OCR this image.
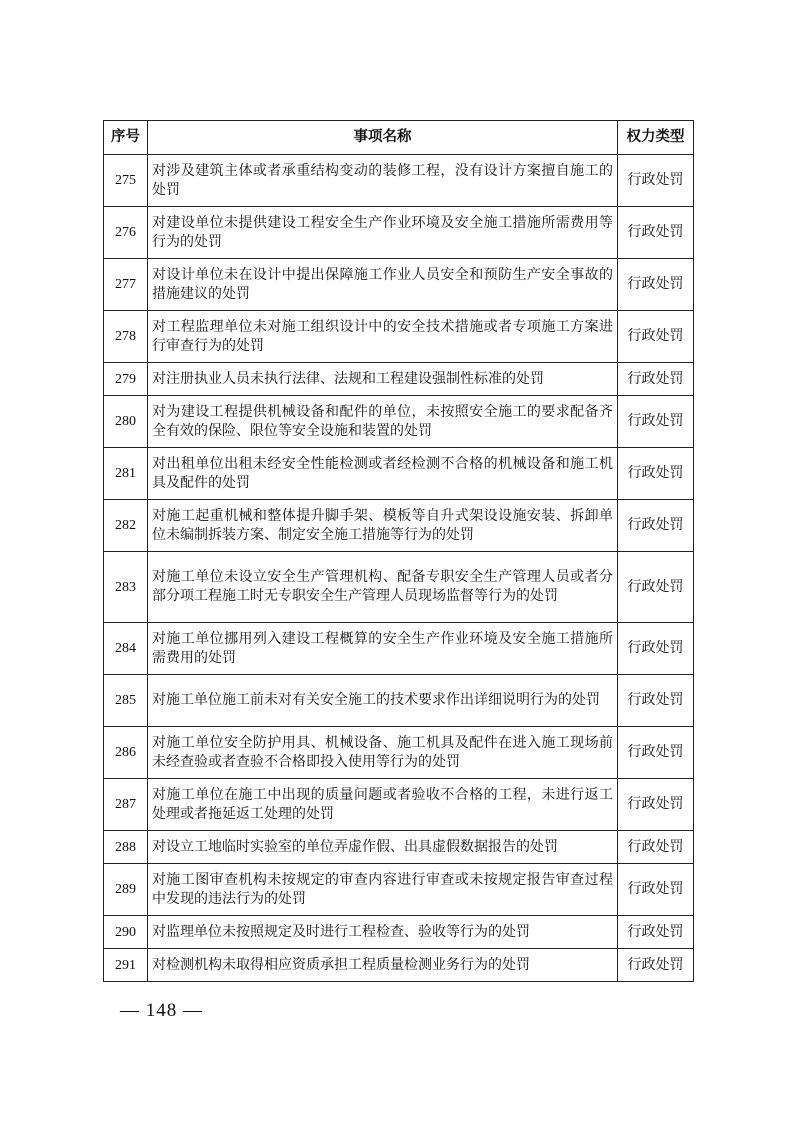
序号	事项名称	权力类型
275	对涉及建筑主体或者承重结构变动的装修工程，没有设计方案擅自施工的处罚	行政处罚
276	对建设单位未提供建设工程安全生产作业环境及安全施工措施所需费用等行为的处罚	行政处罚
277	对设计单位未在设计中提出保障施工作业人员安全和预防生产安全事故的措施建议的处罚	行政处罚
278	对工程监理单位未对施工组织设计中的安全技术措施或者专项施工方案进行审查行为的处罚	行政处罚
279	对注册执业人员未执行法律、法规和工程建设强制性标准的处罚	行政处罚
280	对为建设工程提供机械设备和配件的单位，未按照安全施工的要求配备齐全有效的保险、限位等安全设施和装置的处罚	行政处罚
281	对出租单位出租未经安全性能检测或者经检测不合格的机械设备和施工机具及配件的处罚	行政处罚
282	对施工起重机械和整体提升脚手架、模板等自升式架设设施安装、拆卸单位未编制拆装方案、制定安全施工措施等行为的处罚	行政处罚
283	对施工单位未设立安全生产管理机构、配备专职安全生产管理人员或者分部分项工程施工时无专职安全生产管理人员现场监督等行为的处罚	行政处罚
284	对施工单位挪用列入建设工程概算的安全生产作业环境及安全施工措施所需费用的处罚	行政处罚
285	对施工单位施工前未对有关安全施工的技术要求作出详细说明行为的处罚	行政处罚
286	对施工单位安全防护用具、机械设备、施工机具及配件在进入施工现场前未经查验或者查验不合格即投入使用等行为的处罚	行政处罚
287	对施工单位在施工中出现的质量问题或者验收不合格的工程，未进行返工处理或者拖延返工处理的处罚	行政处罚
288	对设立工地临时实验室的单位弄虚作假、出具虚假数据报告的处罚	行政处罚
289	对施工图审查机构未按规定的审查内容进行审查或未按规定报告审查过程中发现的违法行为的处罚	行政处罚
290	对监理单位未按照规定及时进行工程检查、验收等行为的处罚	行政处罚
291	对检测机构未取得相应资质承担工程质量检测业务行为的处罚	行政处罚
— 148 —
